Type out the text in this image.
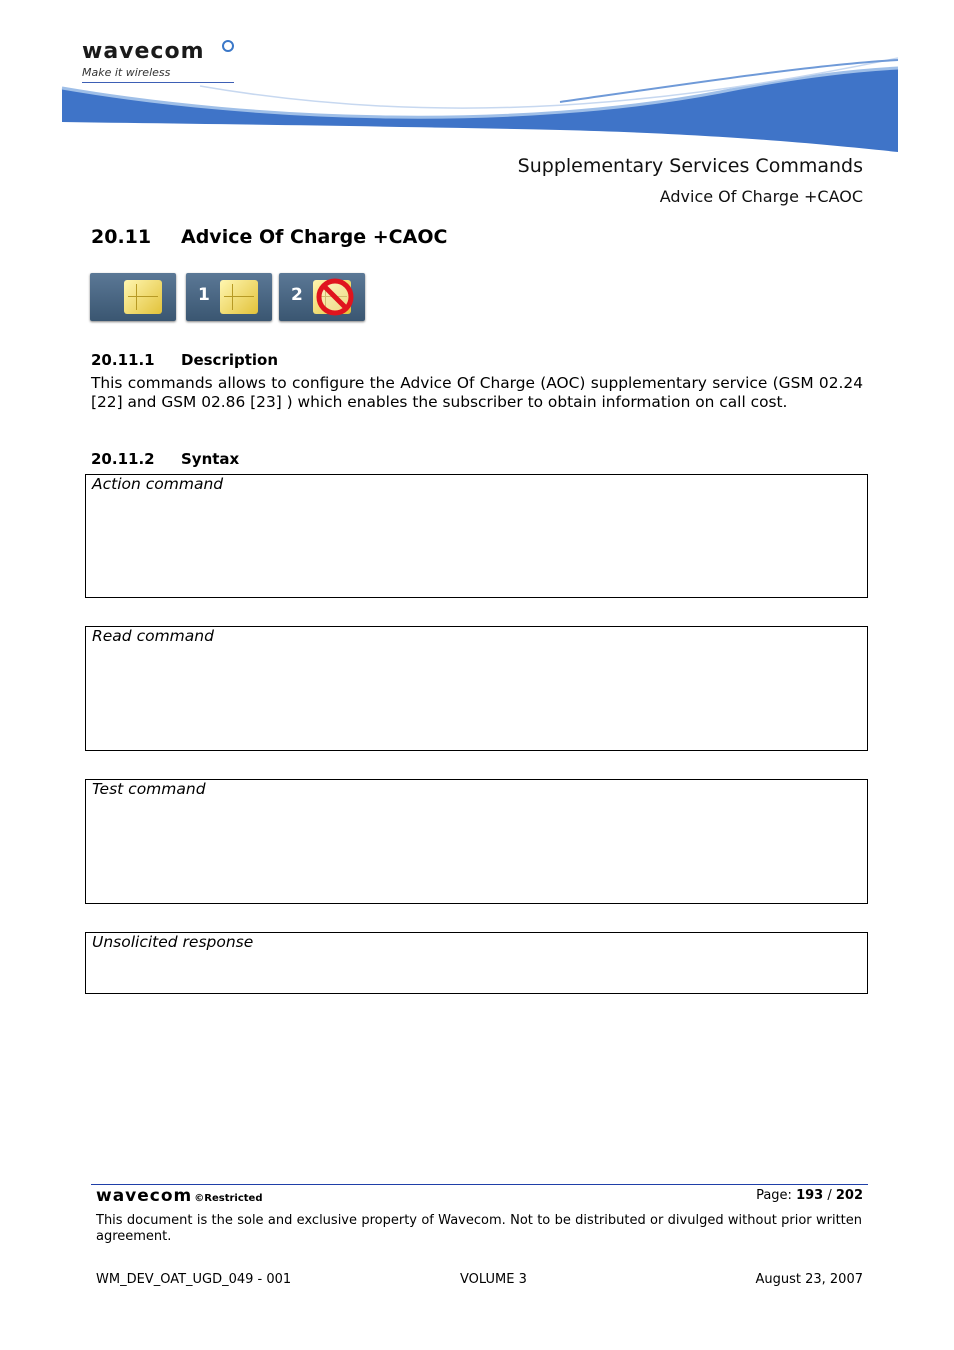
wavecom
Make it wireless
Supplementary Services Commands
Advice Of Charge +CAOC
20.11 Advice Of Charge +CAOC
1	2
20.11.1 Description
This commands allows to configure the Advice Of Charge (AOC) supplementary service (GSM 02.24 [22] and GSM 02.86 [23] ) which enables the subscriber to obtain information on call cost.
20.11.2 Syntax
Action command
Read command
Test command
Unsolicited response
wavecom ©Restricted	Page: 193 / 202
This document is the sole and exclusive property of Wavecom. Not to be distributed or divulged without prior written agreement.
WM_DEV_OAT_UGD_049 - 001	VOLUME 3	August 23, 2007
